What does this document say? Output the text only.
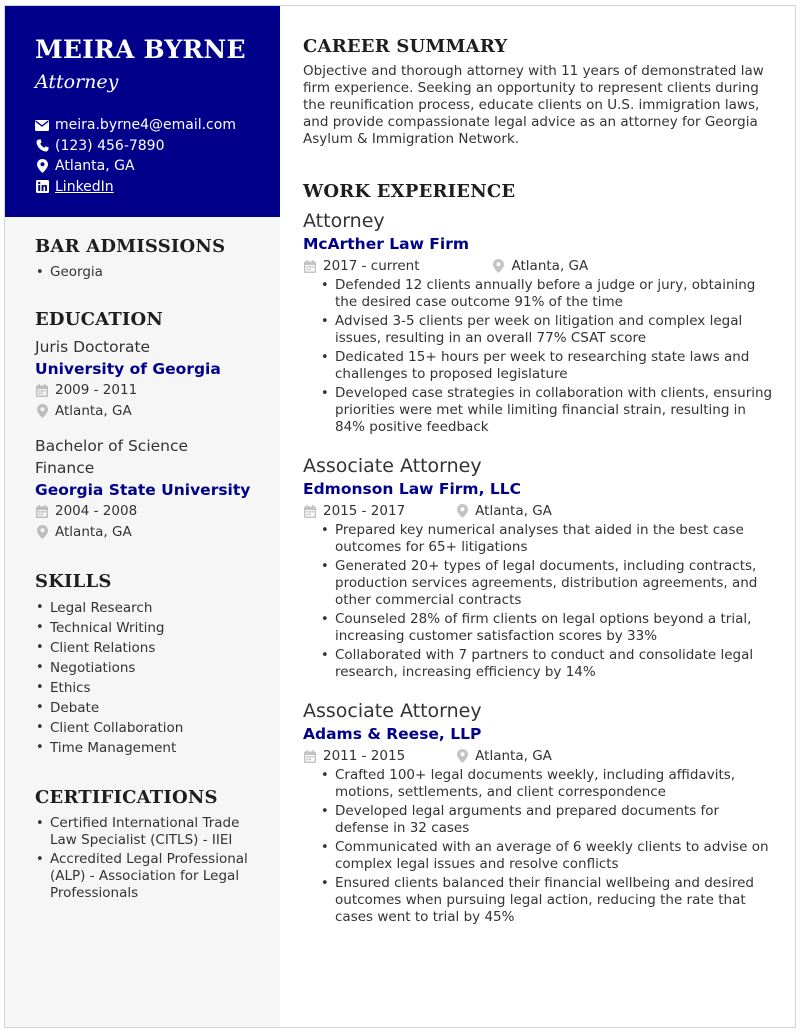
MEIRA BYRNE
Attorney
meira.byrne4@email.com
(123) 456-7890
Atlanta, GA
LinkedIn
BAR ADMISSIONS
• Georgia
EDUCATION
Juris Doctorate
University of Georgia
2009 - 2011
Atlanta, GA
Bachelor of Science
Finance
Georgia State University
2004 - 2008
Atlanta, GA
SKILLS
• Legal Research
• Technical Writing
• Client Relations
• Negotiations
• Ethics
• Debate
• Client Collaboration
• Time Management
CERTIFICATIONS
• Certified International Trade Law Specialist (CITLS) - IIEI
• Accredited Legal Professional (ALP) - Association for Legal Professionals
CAREER SUMMARY
Objective and thorough attorney with 11 years of demonstrated law firm experience. Seeking an opportunity to represent clients during the reunification process, educate clients on U.S. immigration laws, and provide compassionate legal advice as an attorney for Georgia Asylum & Immigration Network.
WORK EXPERIENCE
Attorney
McArther Law Firm
2017 - current	Atlanta, GA
• Defended 12 clients annually before a judge or jury, obtaining the desired case outcome 91% of the time
• Advised 3-5 clients per week on litigation and complex legal issues, resulting in an overall 77% CSAT score
• Dedicated 15+ hours per week to researching state laws and challenges to proposed legislature
• Developed case strategies in collaboration with clients, ensuring priorities were met while limiting financial strain, resulting in 84% positive feedback
Associate Attorney
Edmonson Law Firm, LLC
2015 - 2017	Atlanta, GA
• Prepared key numerical analyses that aided in the best case outcomes for 65+ litigations
• Generated 20+ types of legal documents, including contracts, production services agreements, distribution agreements, and other commercial contracts
• Counseled 28% of firm clients on legal options beyond a trial, increasing customer satisfaction scores by 33%
• Collaborated with 7 partners to conduct and consolidate legal research, increasing efficiency by 14%
Associate Attorney
Adams & Reese, LLP
2011 - 2015	Atlanta, GA
• Crafted 100+ legal documents weekly, including affidavits, motions, settlements, and client correspondence
• Developed legal arguments and prepared documents for defense in 32 cases
• Communicated with an average of 6 weekly clients to advise on complex legal issues and resolve conflicts
• Ensured clients balanced their financial wellbeing and desired outcomes when pursuing legal action, reducing the rate that cases went to trial by 45%
